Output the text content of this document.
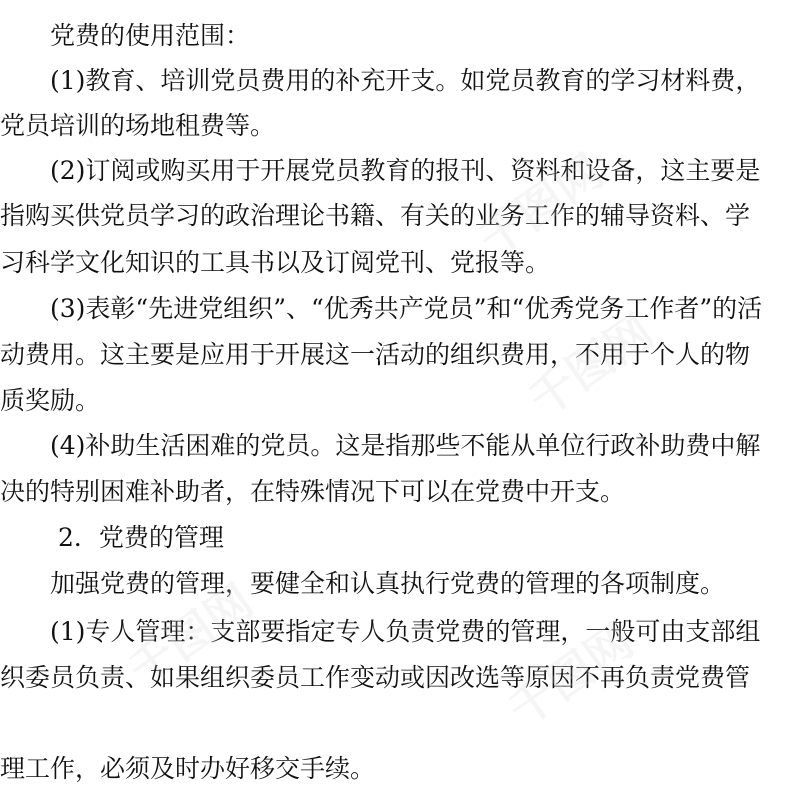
　　党费的使用范围：
　　(1)教育、培训党员费用的补充开支。如党员教育的学习材料费，
党员培训的场地租费等。
　　(2)订阅或购买用于开展党员教育的报刊、资料和设备，这主要是
指购买供党员学习的政治理论书籍、有关的业务工作的辅导资料、学
习科学文化知识的工具书以及订阅党刊、党报等。
　　(3)表彰“先进党组织”、“优秀共产党员”和“优秀党务工作者”的活
动费用。这主要是应用于开展这一活动的组织费用，不用于个人的物
质奖励。
　　(4)补助生活困难的党员。这是指那些不能从单位行政补助费中解
决的特别困难补助者，在特殊情况下可以在党费中开支。
　　 2．党费的管理
　　加强党费的管理，要健全和认真执行党费的管理的各项制度。
　　(1)专人管理：支部要指定专人负责党费的管理，一般可由支部组
织委员负责、如果组织委员工作变动或因改选等原因不再负责党费管
理工作，必须及时办好移交手续。
千图网
千图网
千图网	千图网
